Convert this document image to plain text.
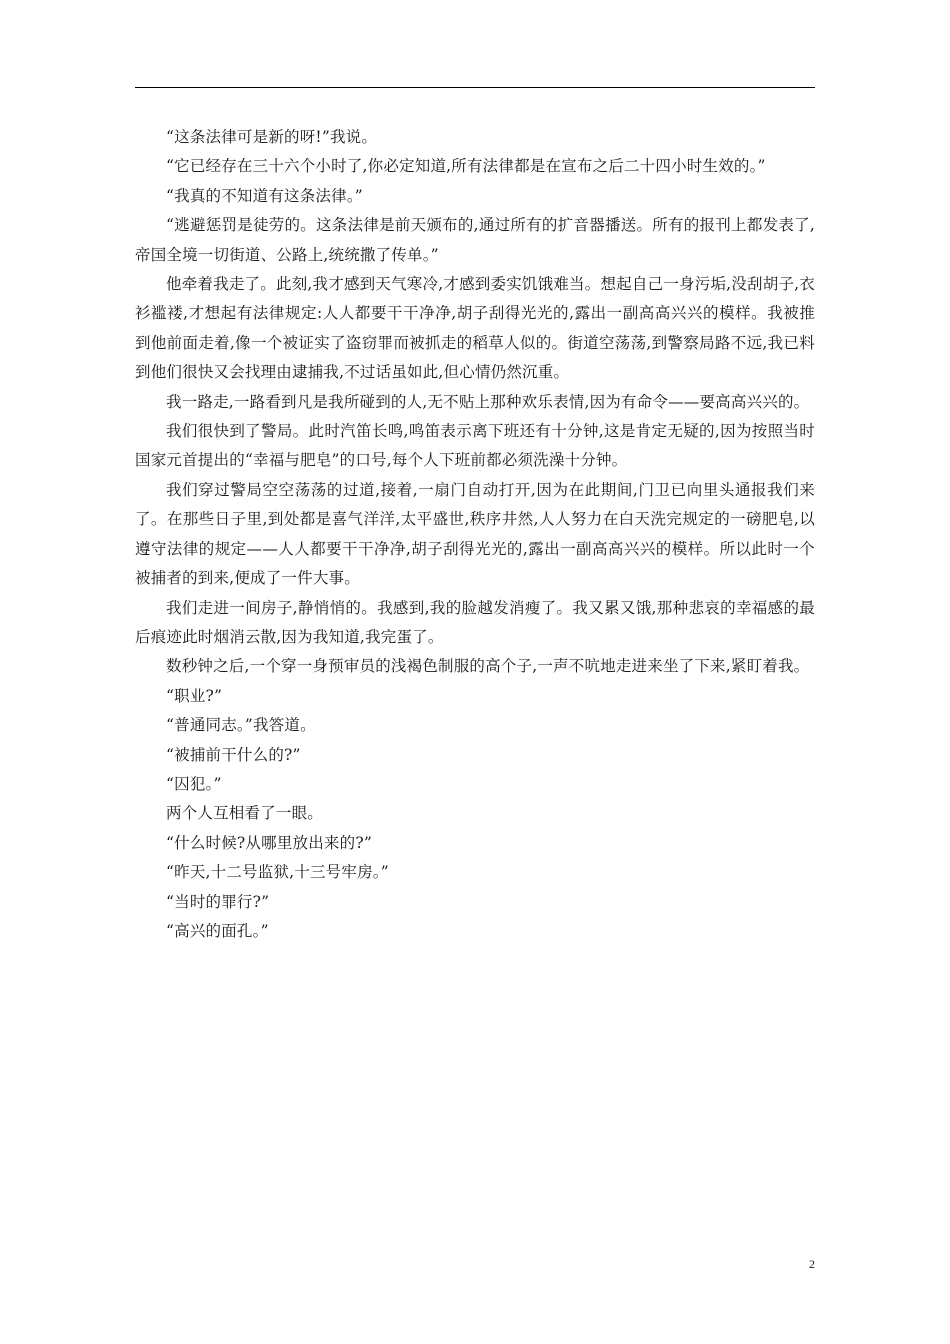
“这条法律可是新的呀!”我说。

“它已经存在三十六个小时了,你必定知道,所有法律都是在宣布之后二十四小时生效的。”

“我真的不知道有这条法律。”

“逃避惩罚是徒劳的。这条法律是前天颁布的,通过所有的扩音器播送。所有的报刊上都发表了,帝国全境一切街道、公路上,统统撒了传单。”

他牵着我走了。此刻,我才感到天气寒冷,才感到委实饥饿难当。想起自己一身污垢,没刮胡子,衣衫褴褛,才想起有法律规定:人人都要干干净净,胡子刮得光光的,露出一副高高兴兴的模样。我被推到他前面走着,像一个被证实了盗窃罪而被抓走的稻草人似的。街道空荡荡,到警察局路不远,我已料到他们很快又会找理由逮捕我,不过话虽如此,但心情仍然沉重。

我一路走,一路看到凡是我所碰到的人,无不贴上那种欢乐表情,因为有命令——要高高兴兴的。

我们很快到了警局。此时汽笛长鸣,鸣笛表示离下班还有十分钟,这是肯定无疑的,因为按照当时国家元首提出的“幸福与肥皂”的口号,每个人下班前都必须洗澡十分钟。

我们穿过警局空空荡荡的过道,接着,一扇门自动打开,因为在此期间,门卫已向里头通报我们来了。在那些日子里,到处都是喜气洋洋,太平盛世,秩序井然,人人努力在白天洗完规定的一磅肥皂,以遵守法律的规定——人人都要干干净净,胡子刮得光光的,露出一副高高兴兴的模样。所以此时一个被捕者的到来,便成了一件大事。

我们走进一间房子,静悄悄的。我感到,我的脸越发消瘦了。我又累又饿,那种悲哀的幸福感的最后痕迹此时烟消云散,因为我知道,我完蛋了。

数秒钟之后,一个穿一身预审员的浅褐色制服的高个子,一声不吭地走进来坐了下来,紧盯着我。

“职业?”

“普通同志。”我答道。

“被捕前干什么的?”

“囚犯。”

两个人互相看了一眼。

“什么时候?从哪里放出来的?”

“昨天,十二号监狱,十三号牢房。”

“当时的罪行?”

“高兴的面孔。”

2
